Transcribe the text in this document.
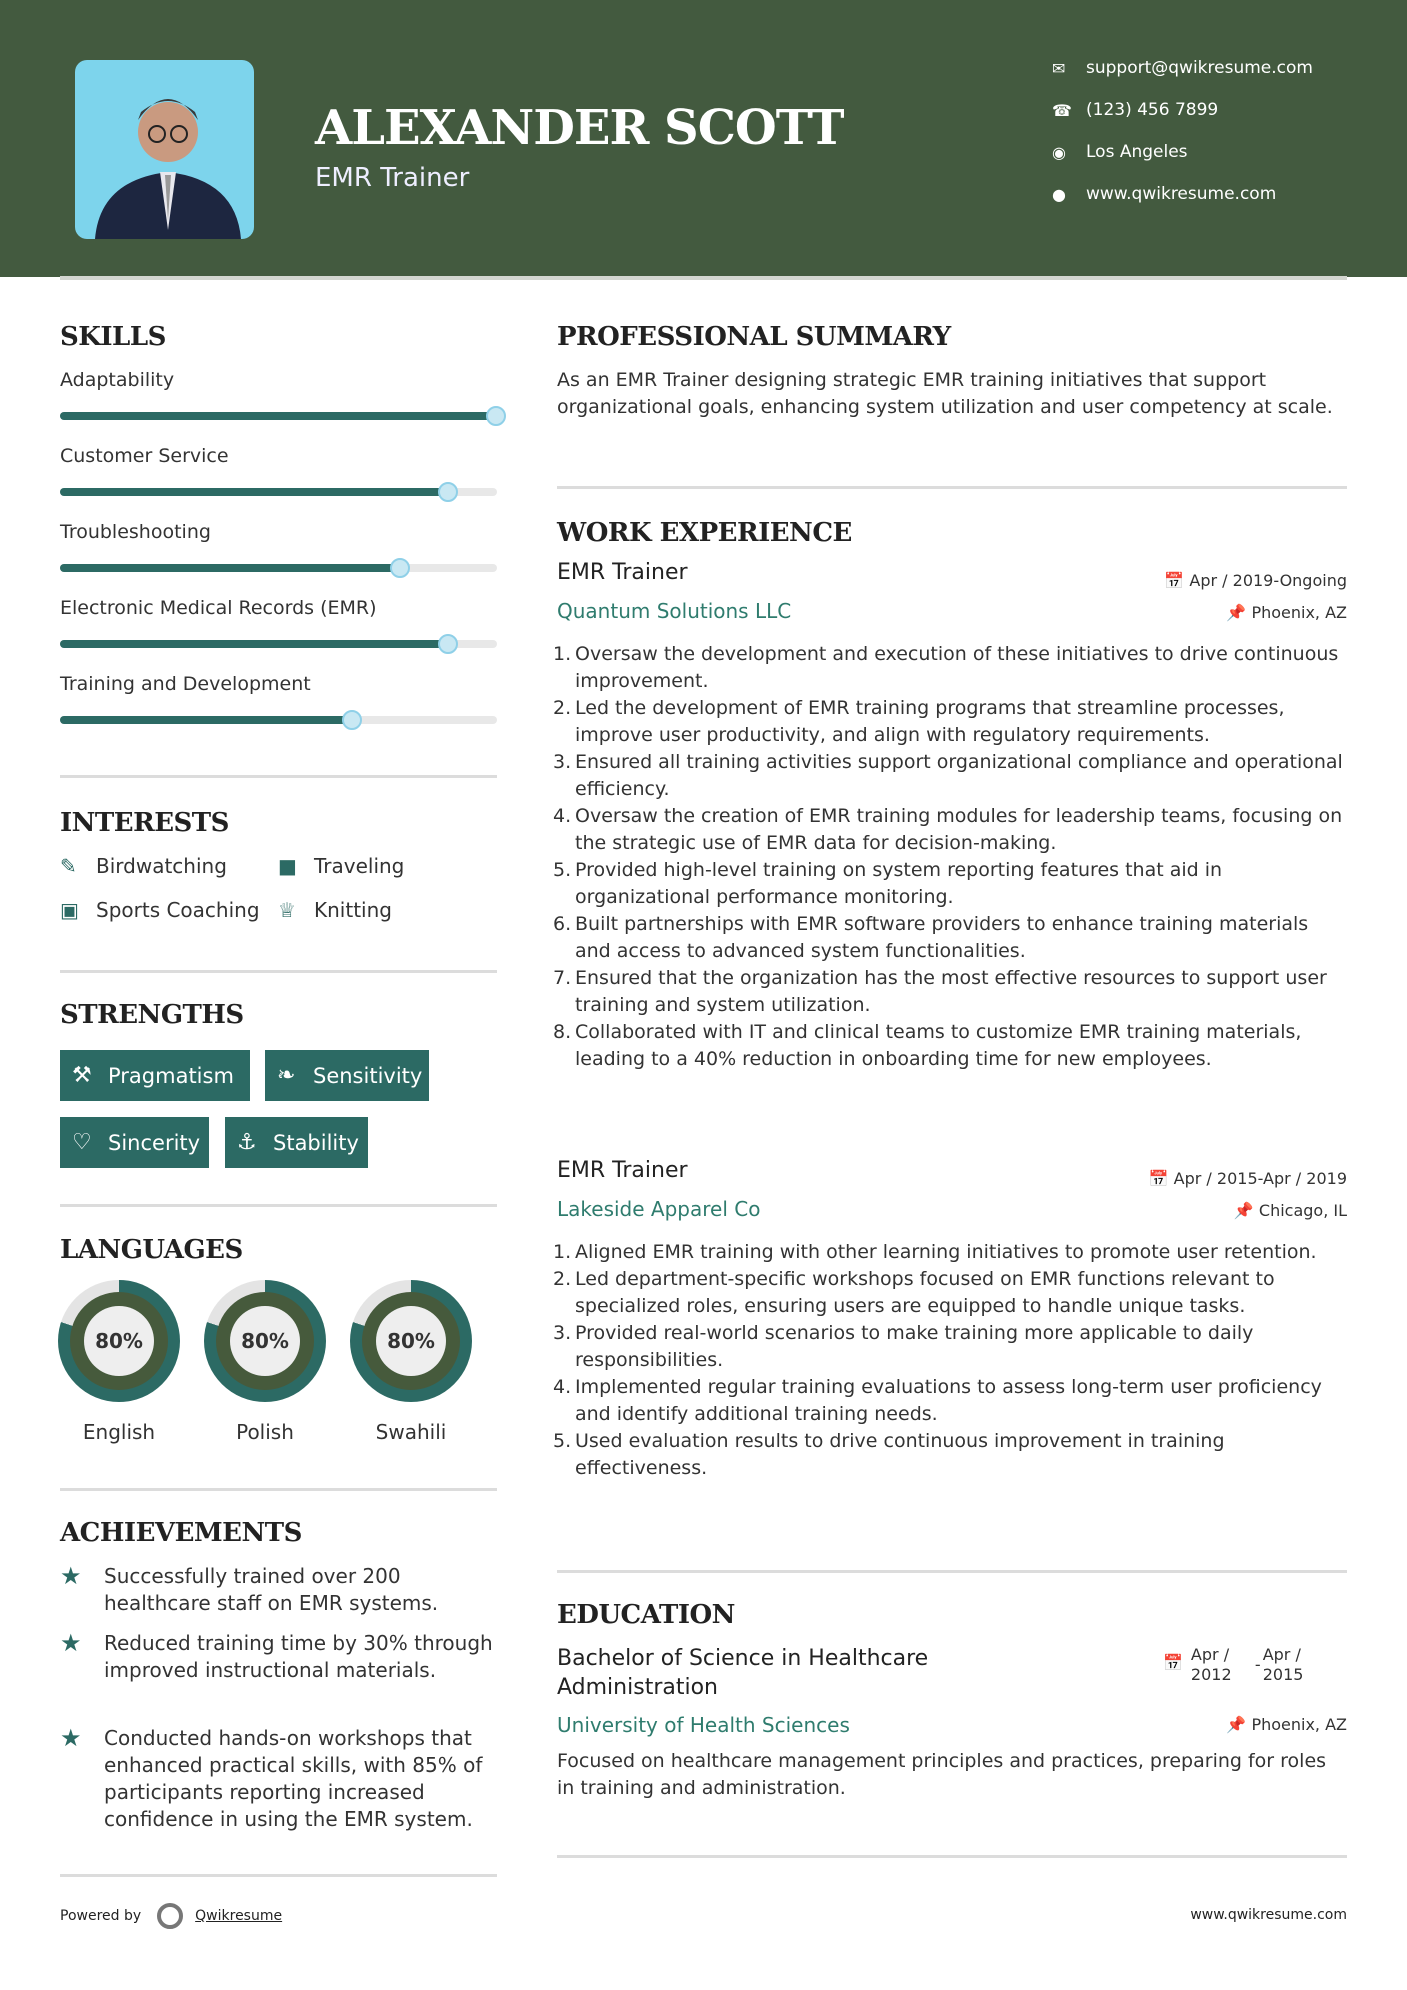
ALEXANDER SCOTT
EMR Trainer
SKILLS
INTERESTS
STRENGTHS
LANGUAGES
ACHIEVEMENTS
PROFESSIONAL SUMMARY
As an EMR Trainer designing strategic EMR training initiatives that support organizational goals, enhancing system utilization and user competency at scale.
WORK EXPERIENCE
EDUCATION
Bachelor of Science in Healthcare Administration
📅 Apr / 2012
-
Apr / 2015
University of Health Sciences	📌 Phoenix, AZ
Focused on healthcare management principles and practices, preparing for roles in training and administration.
Powered by	Qwikresume	www.qwikresume.com
✉	support@qwikresume.com
☎ (123) 456 7899
◉	Los Angeles
●	www.qwikresume.com
Adaptability
Customer Service
Troubleshooting
Electronic Medical Records (EMR)
Training and Development
✎ Birdwatching	■ Traveling
▣ Sports Coaching ♕ Knitting
⚒ Pragmatism ❧ Sensitivity
♡ Sincerity ⚓ Stability
80%
English
80%
Polish
80%
Swahili
★	Successfully trained over 200 healthcare staff on EMR systems.
★	Reduced training time by 30% through improved instructional materials.
★	Conducted hands-on workshops that enhanced practical skills, with 85% of participants reporting increased confidence in using the EMR system.
EMR Trainer	📅 Apr / 2019-Ongoing
Quantum Solutions LLC	📌 Phoenix, AZ
1. Oversaw the development and execution of these initiatives to drive continuous improvement.
2. Led the development of EMR training programs that streamline processes, improve user productivity, and align with regulatory requirements.
3. Ensured all training activities support organizational compliance and operational efficiency.
4. Oversaw the creation of EMR training modules for leadership teams, focusing on the strategic use of EMR data for decision-making.
5. Provided high-level training on system reporting features that aid in organizational performance monitoring.
6. Built partnerships with EMR software providers to enhance training materials and access to advanced system functionalities.
7. Ensured that the organization has the most effective resources to support user training and system utilization.
8. Collaborated with IT and clinical teams to customize EMR training materials, leading to a 40% reduction in onboarding time for new employees.
EMR Trainer	📅 Apr / 2015-Apr / 2019
Lakeside Apparel Co	📌 Chicago, IL
1. Aligned EMR training with other learning initiatives to promote user retention.
2. Led department-specific workshops focused on EMR functions relevant to specialized roles, ensuring users are equipped to handle unique tasks.
3. Provided real-world scenarios to make training more applicable to daily responsibilities.
4. Implemented regular training evaluations to assess long-term user proficiency and identify additional training needs.
5. Used evaluation results to drive continuous improvement in training effectiveness.
